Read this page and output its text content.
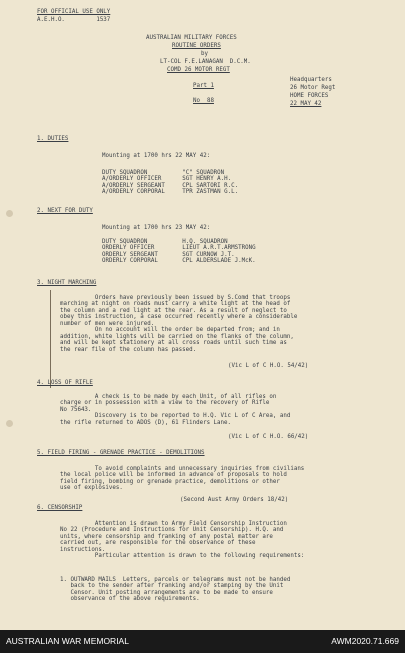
FOR OFFICIAL USE ONLY
A.E.H.O.         1537
AUSTRALIAN MILITARY FORCES
ROUTINE ORDERS
by
LT-COL F.E.LANAGAN  D.C.M.
COMD 26 MOTOR REGT
Part 1
No  88
Headquarters
26 Motor Regt
HOME FORCES
22 MAY 42
1. DUTIES
Mounting at 1700 hrs 22 MAY 42:
DUTY SQUADRON          "C" SQUADRON
A/ORDERLY OFFICER      SGT HENRY A.H.
A/ORDERLY SERGEANT     CPL SARTORI R.C.
A/ORDERLY CORPORAL     TPR ZASTMAN G.L.
2. NEXT FOR DUTY
Mounting at 1700 hrs 23 MAY 42:
DUTY SQUADRON          H.Q. SQUADRON
ORDERLY OFFICER        LIEUT A.R.T.ARMSTRONG
ORDERLY SERGEANT       SGT CURNOW J.T.
ORDERLY CORPORAL       CPL ALDERSLADE J.McK.
3. NIGHT MARCHING
Orders have previously been issued by S.Comd that troops
marching at night on roads must carry a white light at the head of
the column and a red light at the rear. As a result of neglect to
obey this instruction, a case occurred recently where a considerable
number of men were injured.
On no account will the order be departed from; and in
addition, white lights will be carried on the flanks of the column,
and will be kept stationery at all cross roads until such time as
the rear file of the column has passed.
(Vic L of C H.O. 54/42)
4. LOSS OF RIFLE
A check is to be made by each Unit, of all rifles on
charge or in possession with a view to the recovery of Rifle
No 75643.
Discovery is to be reported to H.Q. Vic L of C Area, and
the rifle returned to ADOS (D), 61 Flinders Lane.
(Vic L of C H.O. 66/42)
5. FIELD FIRING - GRENADE PRACTICE - DEMOLITIONS
To avoid complaints and unnecessary inquiries from civilians
the local police will be informed in advance of proposals to hold
field firing, bombing or grenade practice, demolitions or other
use of explosives.
(Second Aust Army Orders 18/42)
6. CENSORSHIP
Attention is drawn to Army Field Censorship Instruction
No 22 (Procedure and Instructions for Unit Censorship). H.Q. and
units, where censorship and franking of any postal matter are
carried out, are responsible for the observance of these
instructions.
Particular attention is drawn to the following requirements:
1. OUTWARD MAILS  Letters, parcels or telegrams must not be handed
back to the sender after franking and/or stamping by the Unit
Censor. Unit posting arrangements are to be made to ensure
observance of the above requirements.
AUSTRALIAN WAR MEMORIAL	AWM2020.71.669
